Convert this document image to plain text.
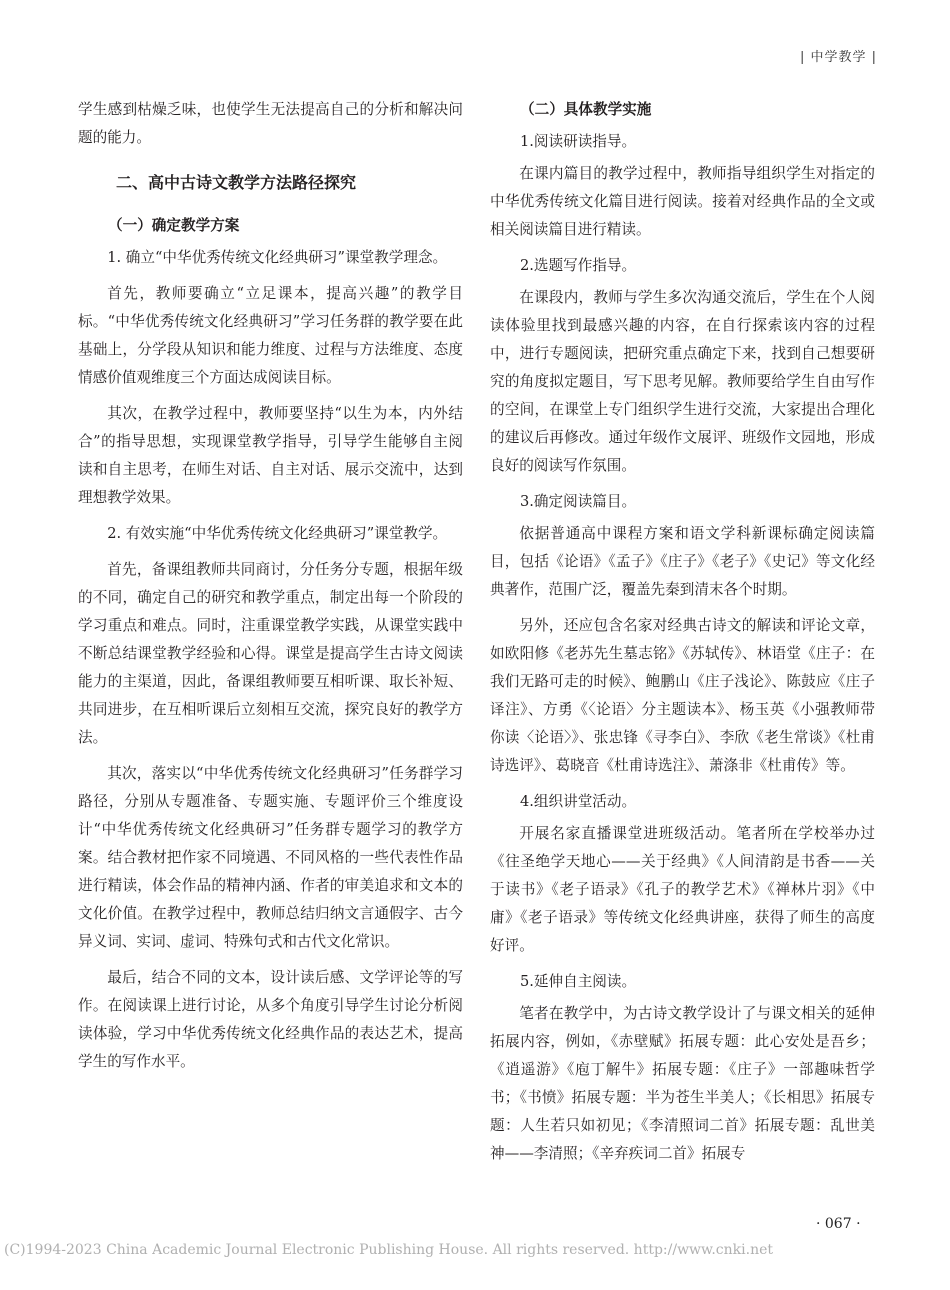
| 中学教学 |

学生感到枯燥乏味，也使学生无法提高自己的分析和解决问题的能力。

二、高中古诗文教学方法路径探究
（一）确定教学方案

1. 确立“中华优秀传统文化经典研习”课堂教学理念。

首先，教师要确立“立足课本，提高兴趣”的教学目标。“中华优秀传统文化经典研习”学习任务群的教学要在此基础上，分学段从知识和能力维度、过程与方法维度、态度情感价值观维度三个方面达成阅读目标。

其次，在教学过程中，教师要坚持“以生为本，内外结合”的指导思想，实现课堂教学指导，引导学生能够自主阅读和自主思考，在师生对话、自主对话、展示交流中，达到理想教学效果。

2. 有效实施“中华优秀传统文化经典研习”课堂教学。

首先，备课组教师共同商讨，分任务分专题，根据年级的不同，确定自己的研究和教学重点，制定出每一个阶段的学习重点和难点。同时，注重课堂教学实践，从课堂实践中不断总结课堂教学经验和心得。课堂是提高学生古诗文阅读能力的主渠道，因此，备课组教师要互相听课、取长补短、共同进步，在互相听课后立刻相互交流，探究良好的教学方法。

其次，落实以“中华优秀传统文化经典研习”任务群学习路径，分别从专题准备、专题实施、专题评价三个维度设计“中华优秀传统文化经典研习”任务群专题学习的教学方案。结合教材把作家不同境遇、不同风格的一些代表性作品进行精读，体会作品的精神内涵、作者的审美追求和文本的文化价值。在教学过程中，教师总结归纳文言通假字、古今异义词、实词、虚词、特殊句式和古代文化常识。

最后，结合不同的文本，设计读后感、文学评论等的写作。在阅读课上进行讨论，从多个角度引导学生讨论分析阅读体验，学习中华优秀传统文化经典作品的表达艺术，提高学生的写作水平。

（二）具体教学实施
1.阅读研读指导。

在课内篇目的教学过程中，教师指导组织学生对指定的中华优秀传统文化篇目进行阅读。接着对经典作品的全文或相关阅读篇目进行精读。

2.选题写作指导。

在课段内，教师与学生多次沟通交流后，学生在个人阅读体验里找到最感兴趣的内容，在自行探索该内容的过程中，进行专题阅读，把研究重点确定下来，找到自己想要研究的角度拟定题目，写下思考见解。教师要给学生自由写作的空间，在课堂上专门组织学生进行交流，大家提出合理化的建议后再修改。通过年级作文展评、班级作文园地，形成良好的阅读写作氛围。

3.确定阅读篇目。

依据普通高中课程方案和语文学科新课标确定阅读篇目，包括《论语》《孟子》《庄子》《老子》《史记》等文化经典著作，范围广泛，覆盖先秦到清末各个时期。

另外，还应包含名家对经典古诗文的解读和评论文章，如欧阳修《老苏先生墓志铭》《苏轼传》、林语堂《庄子：在我们无路可走的时候》、鲍鹏山《庄子浅论》、陈鼓应《庄子译注》、方勇《〈论语〉分主题读本》、杨玉英《小强教师带你读〈论语〉》、张忠锋《寻李白》、李欣《老生常谈》《杜甫诗选评》、葛晓音《杜甫诗选注》、萧涤非《杜甫传》等。

4.组织讲堂活动。

开展名家直播课堂进班级活动。笔者所在学校举办过《往圣绝学天地心——关于经典》《人间清韵是书香——关于读书》《老子语录》《孔子的教学艺术》《禅林片羽》《中庸》《老子语录》等传统文化经典讲座，获得了师生的高度好评。

5.延伸自主阅读。

笔者在教学中，为古诗文教学设计了与课文相关的延伸拓展内容，例如，《赤壁赋》拓展专题：此心安处是吾乡；《逍遥游》《庖丁解牛》拓展专题：《庄子》一部趣味哲学书；《书愤》拓展专题：半为苍生半美人；《长相思》拓展专题：人生若只如初见；《李清照词二首》拓展专题：乱世美神——李清照；《辛弃疾词二首》拓展专

· 067 ·
(C)1994-2023 China Academic Journal Electronic Publishing House. All rights reserved. http://www.cnki.net
